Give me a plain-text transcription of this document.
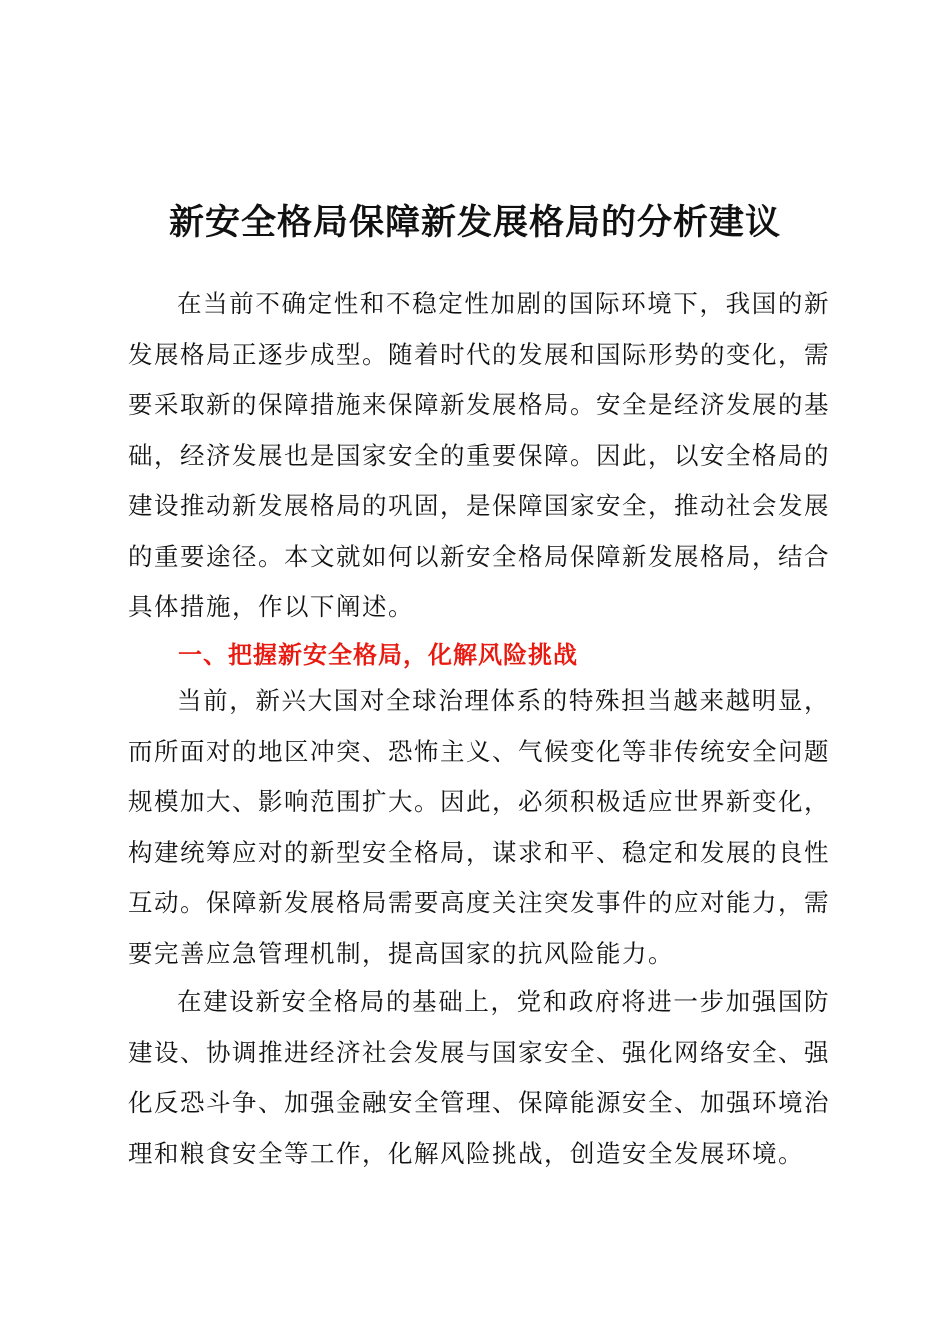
新安全格局保障新发展格局的分析建议

在当前不确定性和不稳定性加剧的国际环境下，我国的新发展格局正逐步成型。随着时代的发展和国际形势的变化，需要采取新的保障措施来保障新发展格局。安全是经济发展的基础，经济发展也是国家安全的重要保障。因此，以安全格局的建设推动新发展格局的巩固，是保障国家安全，推动社会发展的重要途径。本文就如何以新安全格局保障新发展格局，结合具体措施，作以下阐述。

一、把握新安全格局，化解风险挑战

当前，新兴大国对全球治理体系的特殊担当越来越明显，而所面对的地区冲突、恐怖主义、气候变化等非传统安全问题规模加大、影响范围扩大。因此，必须积极适应世界新变化，构建统筹应对的新型安全格局，谋求和平、稳定和发展的良性互动。保障新发展格局需要高度关注突发事件的应对能力，需要完善应急管理机制，提高国家的抗风险能力。

在建设新安全格局的基础上，党和政府将进一步加强国防建设、协调推进经济社会发展与国家安全、强化网络安全、强化反恐斗争、加强金融安全管理、保障能源安全、加强环境治理和粮食安全等工作，化解风险挑战，创造安全发展环境。
